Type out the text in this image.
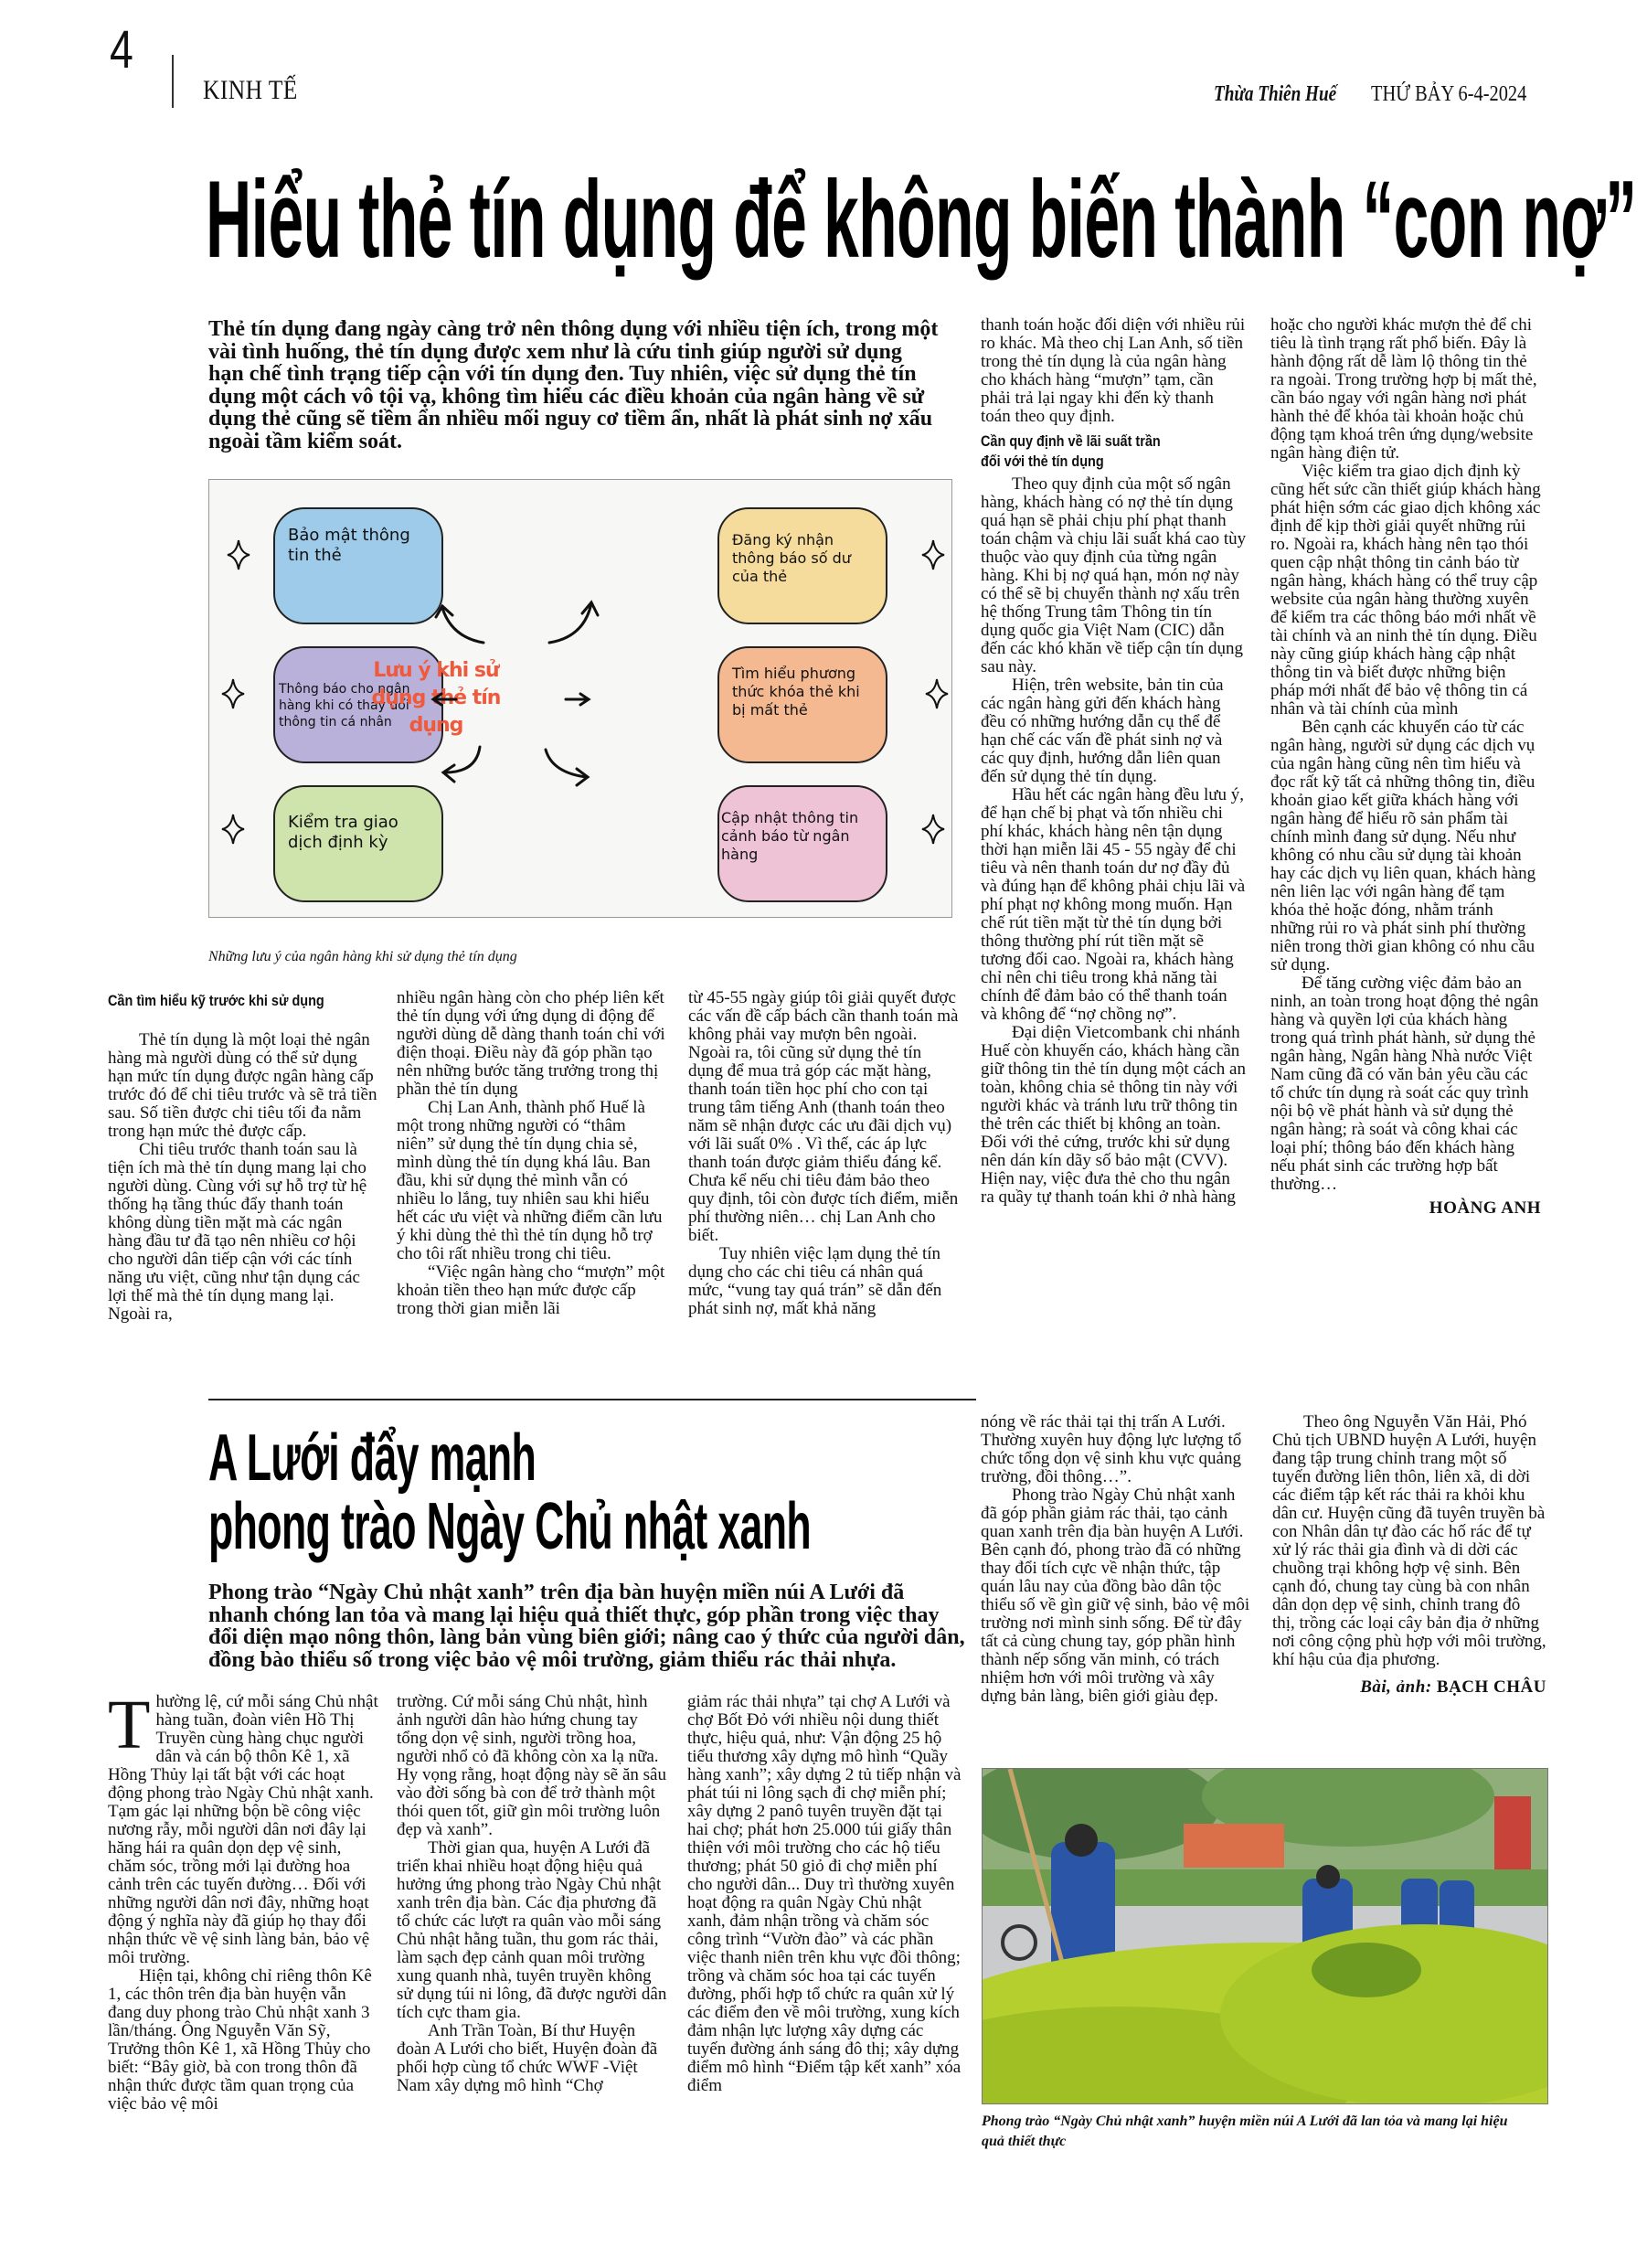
4
KINH TẾ	Thừa Thiên Huế THỨ BẢY 6-4-2024
Hiểu thẻ tín dụng để không biến thành “con nợ”
Thẻ tín dụng đang ngày càng trở nên thông dụng với nhiều tiện ích, trong một vài tình huống, thẻ tín dụng được xem như là cứu tinh giúp người sử dụng hạn chế tình trạng tiếp cận với tín dụng đen. Tuy nhiên, việc sử dụng thẻ tín dụng một cách vô tội vạ, không tìm hiểu các điều khoản của ngân hàng về sử dụng thẻ cũng sẽ tiềm ẩn nhiều mối nguy cơ tiềm ẩn, nhất là phát sinh nợ xấu ngoài tầm kiểm soát.
Bảo mật thông tin thẻ
Thông báo cho ngân hàng khi có thay đổi thông tin cá nhân
Kiểm tra giao dịch định kỳ
Đăng ký nhận thông báo số dư của thẻ
Tìm hiểu phương thức khóa thẻ khi bị mất thẻ
Cập nhật thông tin cảnh báo từ ngân hàng
Lưu ý khi sử dụng thẻ tín dụng
Những lưu ý của ngân hàng khi sử dụng thẻ tín dụng
Cần tìm hiểu kỹ trước khi sử dụng

Thẻ tín dụng là một loại thẻ ngân hàng mà người dùng có thể sử dụng hạn mức tín dụng được ngân hàng cấp trước đó để chi tiêu trước và sẽ trả tiền sau. Số tiền được chi tiêu tối đa nằm trong hạn mức thẻ được cấp.

Chi tiêu trước thanh toán sau là tiện ích mà thẻ tín dụng mang lại cho người dùng. Cùng với sự hỗ trợ từ hệ thống hạ tầng thúc đẩy thanh toán không dùng tiền mặt mà các ngân hàng đầu tư đã tạo nên nhiều cơ hội cho người dân tiếp cận với các tính năng ưu việt, cũng như tận dụng các lợi thế mà thẻ tín dụng mang lại. Ngoài ra,

nhiều ngân hàng còn cho phép liên kết thẻ tín dụng với ứng dụng di động để người dùng dễ dàng thanh toán chỉ với điện thoại. Điều này đã góp phần tạo nên những bước tăng trưởng trong thị phần thẻ tín dụng

Chị Lan Anh, thành phố Huế là một trong những người có “thâm niên” sử dụng thẻ tín dụng chia sẻ, mình dùng thẻ tín dụng khá lâu. Ban đầu, khi sử dụng thẻ mình vẫn có nhiều lo lắng, tuy nhiên sau khi hiểu hết các ưu việt và những điểm cần lưu ý khi dùng thẻ thì thẻ tín dụng hỗ trợ cho tôi rất nhiều trong chi tiêu.

“Việc ngân hàng cho “mượn” một khoản tiền theo hạn mức được cấp trong thời gian miễn lãi

từ 45-55 ngày giúp tôi giải quyết được các vấn đề cấp bách cần thanh toán mà không phải vay mượn bên ngoài. Ngoài ra, tôi cũng sử dụng thẻ tín dụng để mua trả góp các mặt hàng, thanh toán tiền học phí cho con tại trung tâm tiếng Anh (thanh toán theo năm sẽ nhận được các ưu đãi dịch vụ) với lãi suất 0% . Vì thế, các áp lực thanh toán được giảm thiểu đáng kể. Chưa kể nếu chi tiêu đảm bảo theo quy định, tôi còn được tích điểm, miễn phí thường niên… chị Lan Anh cho biết.

Tuy nhiên việc lạm dụng thẻ tín dụng cho các chi tiêu cá nhân quá mức, “vung tay quá trán” sẽ dẫn đến phát sinh nợ, mất khả năng

thanh toán hoặc đối diện với nhiều rủi ro khác. Mà theo chị Lan Anh, số tiền trong thẻ tín dụng là của ngân hàng cho khách hàng “mượn” tạm, cần phải trả lại ngay khi đến kỳ thanh toán theo quy định.

Cần quy định về lãi suất trần
đối với thẻ tín dụng

Theo quy định của một số ngân hàng, khách hàng có nợ thẻ tín dụng quá hạn sẽ phải chịu phí phạt thanh toán chậm và chịu lãi suất khá cao tùy thuộc vào quy định của từng ngân hàng. Khi bị nợ quá hạn, món nợ này có thể sẽ bị chuyển thành nợ xấu trên hệ thống Trung tâm Thông tin tín dụng quốc gia Việt Nam (CIC) dẫn đến các khó khăn về tiếp cận tín dụng sau này.

Hiện, trên website, bản tin của các ngân hàng gửi đến khách hàng đều có những hướng dẫn cụ thể để hạn chế các vấn đề phát sinh nợ và các quy định, hướng dẫn liên quan đến sử dụng thẻ tín dụng.

Hầu hết các ngân hàng đều lưu ý, để hạn chế bị phạt và tốn nhiều chi phí khác, khách hàng nên tận dụng thời hạn miễn lãi 45 - 55 ngày để chi tiêu và nên thanh toán dư nợ đầy đủ và đúng hạn để không phải chịu lãi và phí phạt nợ không mong muốn. Hạn chế rút tiền mặt từ thẻ tín dụng bởi thông thường phí rút tiền mặt sẽ tương đối cao. Ngoài ra, khách hàng chỉ nên chi tiêu trong khả năng tài chính để đảm bảo có thể thanh toán và không để “nợ chồng nợ”.

Đại diện Vietcombank chi nhánh Huế còn khuyến cáo, khách hàng cần giữ thông tin thẻ tín dụng một cách an toàn, không chia sẻ thông tin này với người khác và tránh lưu trữ thông tin thẻ trên các thiết bị không an toàn. Đối với thẻ cứng, trước khi sử dụng nên dán kín dãy số bảo mật (CVV). Hiện nay, việc đưa thẻ cho thu ngân ra quầy tự thanh toán khi ở nhà hàng

hoặc cho người khác mượn thẻ để chi tiêu là tình trạng rất phổ biến. Đây là hành động rất dễ làm lộ thông tin thẻ ra ngoài. Trong trường hợp bị mất thẻ, cần báo ngay với ngân hàng nơi phát hành thẻ để khóa tài khoản hoặc chủ động tạm khoá trên ứng dụng/website ngân hàng điện tử.

Việc kiểm tra giao dịch định kỳ cũng hết sức cần thiết giúp khách hàng phát hiện sớm các giao dịch không xác định để kịp thời giải quyết những rủi ro. Ngoài ra, khách hàng nên tạo thói quen cập nhật thông tin cảnh báo từ ngân hàng, khách hàng có thể truy cập website của ngân hàng thường xuyên để kiểm tra các thông báo mới nhất về tài chính và an ninh thẻ tín dụng. Điều này cũng giúp khách hàng cập nhật thông tin và biết được những biện pháp mới nhất để bảo vệ thông tin cá nhân và tài chính của mình

Bên cạnh các khuyến cáo từ các ngân hàng, người sử dụng các dịch vụ của ngân hàng cũng nên tìm hiểu và đọc rất kỹ tất cả những thông tin, điều khoản giao kết giữa khách hàng với ngân hàng để hiểu rõ sản phẩm tài chính mình đang sử dụng. Nếu như không có nhu cầu sử dụng tài khoản hay các dịch vụ liên quan, khách hàng nên liên lạc với ngân hàng để tạm khóa thẻ hoặc đóng, nhằm tránh những rủi ro và phát sinh phí thường niên trong thời gian không có nhu cầu sử dụng.

Để tăng cường việc đảm bảo an ninh, an toàn trong hoạt động thẻ ngân hàng và quyền lợi của khách hàng trong quá trình phát hành, sử dụng thẻ ngân hàng, Ngân hàng Nhà nước Việt Nam cũng đã có văn bản yêu cầu các tổ chức tín dụng rà soát các quy trình nội bộ về phát hành và sử dụng thẻ ngân hàng; rà soát và công khai các loại phí; thông báo đến khách hàng nếu phát sinh các trường hợp bất thường…

HOÀNG ANH
A Lưới đẩy mạnh
phong trào Ngày Chủ nhật xanh
Phong trào “Ngày Chủ nhật xanh” trên địa bàn huyện miền núi A Lưới đã nhanh chóng lan tỏa và mang lại hiệu quả thiết thực, góp phần trong việc thay đổi diện mạo nông thôn, làng bản vùng biên giới; nâng cao ý thức của người dân, đồng bào thiểu số trong việc bảo vệ môi trường, giảm thiểu rác thải nhựa.

Thường lệ, cứ mỗi sáng Chủ nhật hàng tuần, đoàn viên Hồ Thị Truyền cùng hàng chục người dân và cán bộ thôn Kê 1, xã Hồng Thủy lại tất bật với các hoạt động phong trào Ngày Chủ nhật xanh. Tạm gác lại những bộn bề công việc nương rẫy, mỗi người dân nơi đây lại hăng hái ra quân dọn dẹp vệ sinh, chăm sóc, trồng mới lại đường hoa cảnh trên các tuyến đường… Đối với những người dân nơi đây, những hoạt động ý nghĩa này đã giúp họ thay đổi nhận thức về vệ sinh làng bản, bảo vệ môi trường.

Hiện tại, không chỉ riêng thôn Kê 1, các thôn trên địa bàn huyện vẫn đang duy phong trào Chủ nhật xanh 3 lần/tháng. Ông Nguyễn Văn Sỹ, Trưởng thôn Kê 1, xã Hồng Thủy cho biết: “Bây giờ, bà con trong thôn đã nhận thức được tầm quan trọng của việc bảo vệ môi

trường. Cứ mỗi sáng Chủ nhật, hình ảnh người dân hào hứng chung tay tổng dọn vệ sinh, người trồng hoa, người nhổ cỏ đã không còn xa lạ nữa. Hy vọng rằng, hoạt động này sẽ ăn sâu vào đời sống bà con để trở thành một thói quen tốt, giữ gìn môi trường luôn đẹp và xanh”.

Thời gian qua, huyện A Lưới đã triển khai nhiều hoạt động hiệu quả hưởng ứng phong trào Ngày Chủ nhật xanh trên địa bàn. Các địa phương đã tổ chức các lượt ra quân vào mỗi sáng Chủ nhật hằng tuần, thu gom rác thải, làm sạch đẹp cảnh quan môi trường xung quanh nhà, tuyên truyền không sử dụng túi ni lông, đã được người dân tích cực tham gia.

Anh Trần Toàn, Bí thư Huyện đoàn A Lưới cho biết, Huyện đoàn đã phối hợp cùng tổ chức WWF -Việt Nam xây dựng mô hình “Chợ

giảm rác thải nhựa” tại chợ A Lưới và chợ Bốt Đỏ với nhiều nội dung thiết thực, hiệu quả, như: Vận động 25 hộ tiểu thương xây dựng mô hình “Quầy hàng xanh”; xây dựng 2 tủ tiếp nhận và phát túi ni lông sạch đi chợ miễn phí; xây dựng 2 panô tuyên truyền đặt tại hai chợ; phát hơn 25.000 túi giấy thân thiện với môi trường cho các hộ tiểu thương; phát 50 giỏ đi chợ miễn phí cho người dân... Duy trì thường xuyên hoạt động ra quân Ngày Chủ nhật xanh, đảm nhận trồng và chăm sóc công trình “Vườn đào” và các phần việc thanh niên trên khu vực đồi thông; trồng và chăm sóc hoa tại các tuyến đường, phối hợp tổ chức ra quân xử lý các điểm đen về môi trường, xung kích đảm nhận lực lượng xây dựng các tuyến đường ánh sáng đô thị; xây dựng điểm mô hình “Điểm tập kết xanh” xóa điểm

nóng về rác thải tại thị trấn A Lưới. Thường xuyên huy động lực lượng tổ chức tổng dọn vệ sinh khu vực quảng trường, đồi thông…”.

Phong trào Ngày Chủ nhật xanh đã góp phần giảm rác thải, tạo cảnh quan xanh trên địa bàn huyện A Lưới. Bên cạnh đó, phong trào đã có những thay đổi tích cực về nhận thức, tập quán lâu nay của đồng bào dân tộc thiểu số về gìn giữ vệ sinh, bảo vệ môi trường nơi mình sinh sống. Để từ đây tất cả cùng chung tay, góp phần hình thành nếp sống văn minh, có trách nhiệm hơn với môi trường và xây dựng bản làng, biên giới giàu đẹp.

Theo ông Nguyễn Văn Hải, Phó Chủ tịch UBND huyện A Lưới, huyện đang tập trung chỉnh trang một số tuyến đường liên thôn, liên xã, di dời các điểm tập kết rác thải ra khỏi khu dân cư. Huyện cũng đã tuyên truyền bà con Nhân dân tự đào các hố rác để tự xử lý rác thải gia đình và di dời các chuồng trại không hợp vệ sinh. Bên cạnh đó, chung tay cùng bà con nhân dân dọn dẹp vệ sinh, chỉnh trang đô thị, trồng các loại cây bản địa ở những nơi công cộng phù hợp với môi trường, khí hậu của địa phương.

Bài, ảnh: BẠCH CHÂU
Phong trào “Ngày Chủ nhật xanh” huyện miền núi A Lưới đã lan tỏa và mang lại hiệu quả thiết thực
